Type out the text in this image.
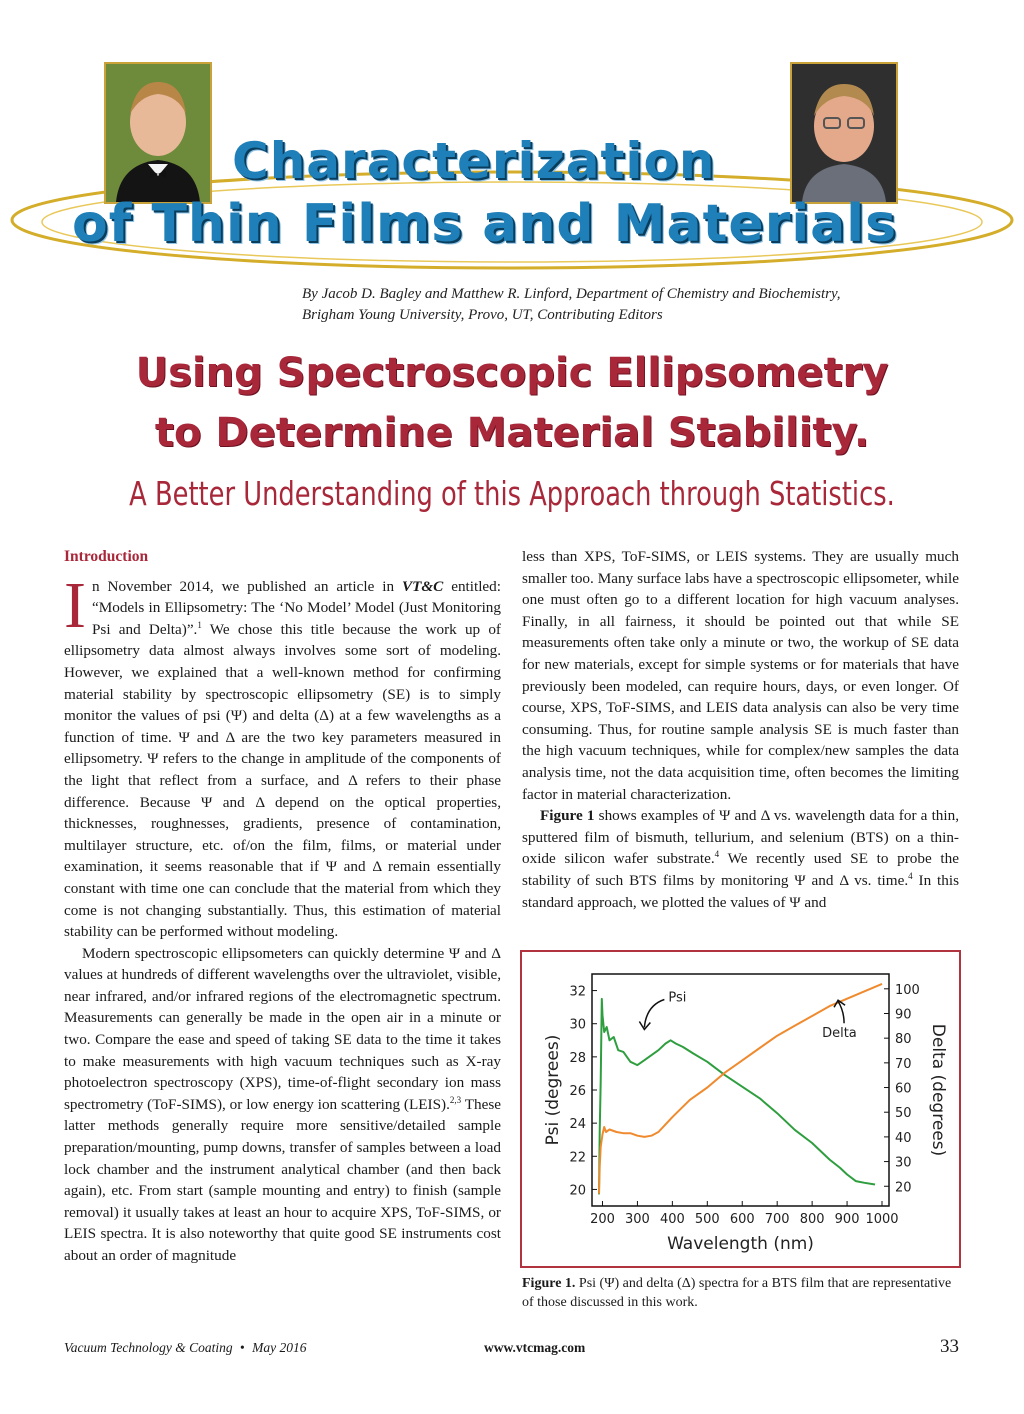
Characterization
of Thin Films and Materials
By Jacob D. Bagley and Matthew R. Linford, Department of Chemistry and Biochemistry,
Brigham Young University, Provo, UT, Contributing Editors
Using Spectroscopic Ellipsometry
to Determine Material Stability.
A Better Understanding of this Approach through Statistics.
Introduction

In November 2014, we published an article in VT&C entitled: “Models in Ellipsometry: The ‘No Model’ Model (Just Monitoring Psi and Delta)”.$^1$ We chose this title because the work up of ellipsometry data almost always involves some sort of modeling. However, we explained that a well-known method for confirming material stability by spectroscopic ellipsometry (SE) is to simply monitor the values of psi (Ψ) and delta (Δ) at a few wavelengths as a function of time. Ψ and Δ are the two key parameters measured in ellipsometry. Ψ refers to the change in amplitude of the components of the light that reflect from a surface, and Δ refers to their phase difference. Because Ψ and Δ depend on the optical properties, thicknesses, roughnesses, gradients, presence of contamination, multilayer structure, etc. of/on the film, films, or material under examination, it seems reasonable that if Ψ and Δ remain essentially constant with time one can conclude that the material from which they come is not changing substantially. Thus, this estimation of material stability can be performed without modeling.

Modern spectroscopic ellipsometers can quickly determine Ψ and Δ values at hundreds of different wavelengths over the ultraviolet, visible, near infrared, and/or infrared regions of the electromagnetic spectrum. Measurements can generally be made in the open air in a minute or two. Compare the ease and speed of taking SE data to the time it takes to make measurements with high vacuum techniques such as X-ray photoelectron spectroscopy (XPS), time-of-flight secondary ion mass spectrometry (ToF-SIMS), or low energy ion scattering (LEIS).$^{2,3}$ These latter methods generally require more sensitive/detailed sample preparation/mounting, pump downs, transfer of samples between a load lock chamber and the instrument analytical chamber (and then back again), etc. From start (sample mounting and entry) to finish (sample removal) it usually takes at least an hour to acquire XPS, ToF-SIMS, or LEIS spectra. It is also noteworthy that quite good SE instruments cost about an order of magnitude

less than XPS, ToF-SIMS, or LEIS systems. They are usually much smaller too. Many surface labs have a spectroscopic ellipsometer, while one must often go to a different location for high vacuum analyses. Finally, in all fairness, it should be pointed out that while SE measurements often take only a minute or two, the workup of SE data for new materials, except for simple systems or for materials that have previously been modeled, can require hours, days, or even longer. Of course, XPS, ToF-SIMS, and LEIS data analysis can also be very time consuming. Thus, for routine sample analysis SE is much faster than the high vacuum techniques, while for complex/new samples the data analysis time, not the data acquisition time, often becomes the limiting factor in material characterization.

Figure 1 shows examples of Ψ and Δ vs. wavelength data for a thin, sputtered film of bismuth, tellurium, and selenium (BTS) on a thin-oxide silicon wafer substrate.$^4$ We recently used SE to probe the stability of such BTS films by monitoring Ψ and Δ vs. time.$^4$ In this standard approach, we plotted the values of Ψ and

200 300 400 500 600 700 800 900 1000
20
22
24
26
28
30
32
20
30
40
50
60
70
80
90
100
Wavelength (nm)
Psi (degrees)	Delta (degrees)
Psi
Delta
Figure 1. Psi (Ψ) and delta (Δ) spectra for a BTS film that are representative of those discussed in this work.
Vacuum Technology & Coating • May 2016	www.vtcmag.com	33
